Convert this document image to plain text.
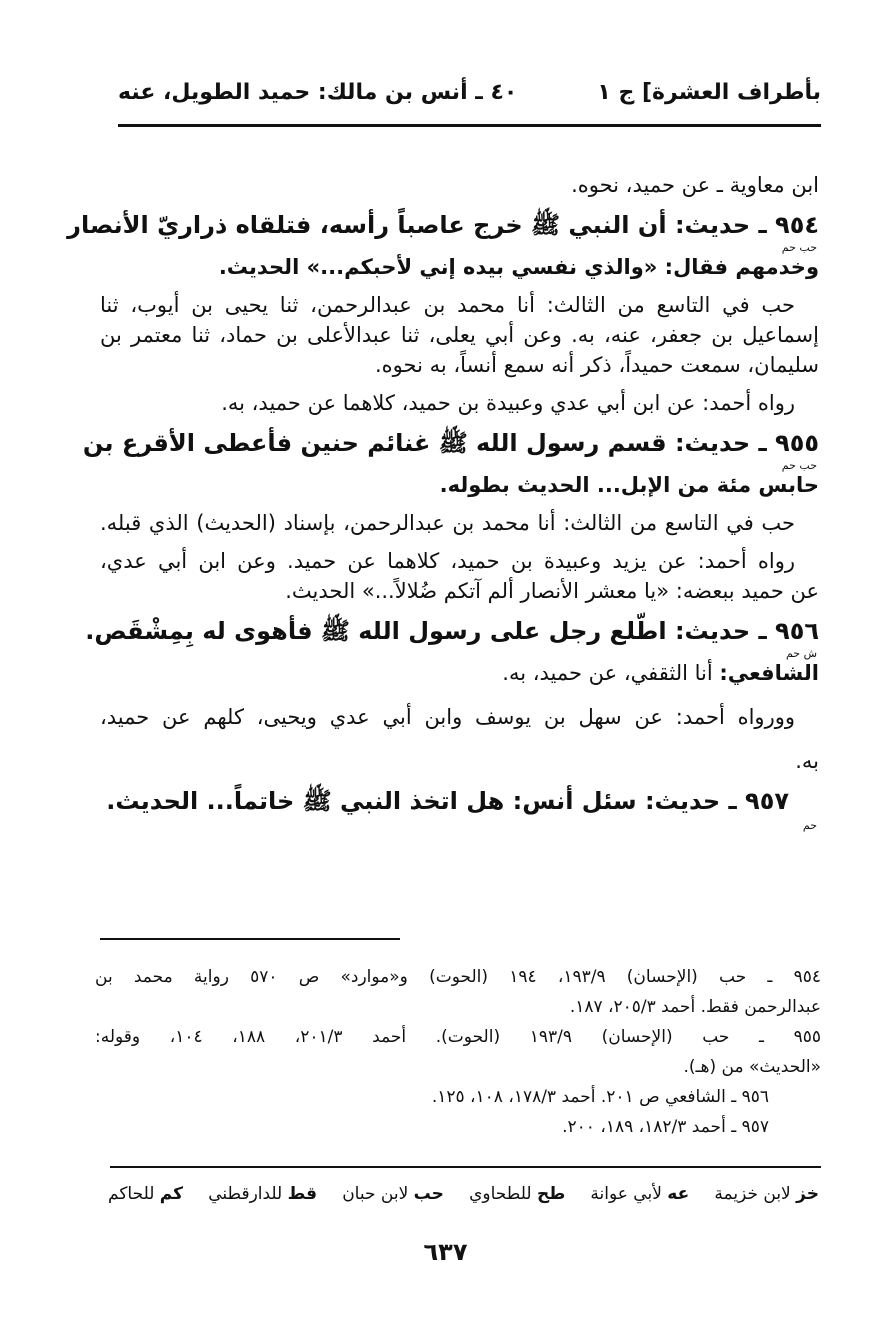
بأطراف العشرة] ج ١
٤٠ ـ أنس بن مالك: حميد الطويل، عنه

ابن معاوية ـ عن حميد، نحوه.

٩٥٤ ـ حديث: أن النبي ﷺ خرج عاصباً رأسه، فتلقاه ذراريّ الأنصار
حب حم
وخدمهم فقال: «والذي نفسي بيده إني لأحبكم...» الحديث.

حب في التاسع من الثالث: أنا محمد بن عبدالرحمن، ثنا يحيى بن أيوب، ثنا

إسماعيل بن جعفر، عنه، به. وعن أبي يعلى، ثنا عبدالأعلى بن حماد، ثنا معتمر بن

سليمان، سمعت حميداً، ذكر أنه سمع أنساً، به نحوه.

رواه أحمد: عن ابن أبي عدي وعبيدة بن حميد، كلاهما عن حميد، به.

٩٥٥ ـ حديث: قسم رسول الله ﷺ غنائم حنين فأعطى الأقرع بن
حب حم
حابس مئة من الإبل... الحديث بطوله.

حب في التاسع من الثالث: أنا محمد بن عبدالرحمن، بإسناد (الحديث) الذي قبله.

رواه أحمد: عن يزيد وعبيدة بن حميد، كلاهما عن حميد. وعن ابن أبي عدي،

عن حميد ببعضه: «يا معشر الأنصار ألم آتكم ضُلالاً...» الحديث.

٩٥٦ ـ حديث: اطّلع رجل على رسول الله ﷺ فأهوى له بِمِشْقَص.
ش حم
الشافعي: أنا الثقفي، عن حميد، به.

وورواه أحمد: عن سهل بن يوسف وابن أبي عدي ويحيى، كلهم عن حميد،

به.

٩٥٧ ـ حديث: سئل أنس: هل اتخذ النبي ﷺ خاتماً... الحديث.
حم

٩٥٤ ـ حب (الإحسان) ١٩٣/٩، ١٩٤ (الحوت) و«موارد» ص ٥٧٠ رواية محمد بن

عبدالرحمن فقط. أحمد ٢٠٥/٣، ١٨٧.

٩٥٥ ـ حب (الإحسان) ١٩٣/٩ (الحوت). أحمد ٢٠١/٣، ١٨٨، ١٠٤، وقوله:

«الحديث» من (هـ).

٩٥٦ ـ الشافعي ص ٢٠١. أحمد ١٧٨/٣، ١٠٨، ١٢٥.

٩٥٧ ـ أحمد ١٨٢/٣، ١٨٩، ٢٠٠.

خز لابن خزيمة
عه لأبي عوانة
طح للطحاوي
حب لابن حبان
قط للدارقطني
كم للحاكم
٦٣٧
